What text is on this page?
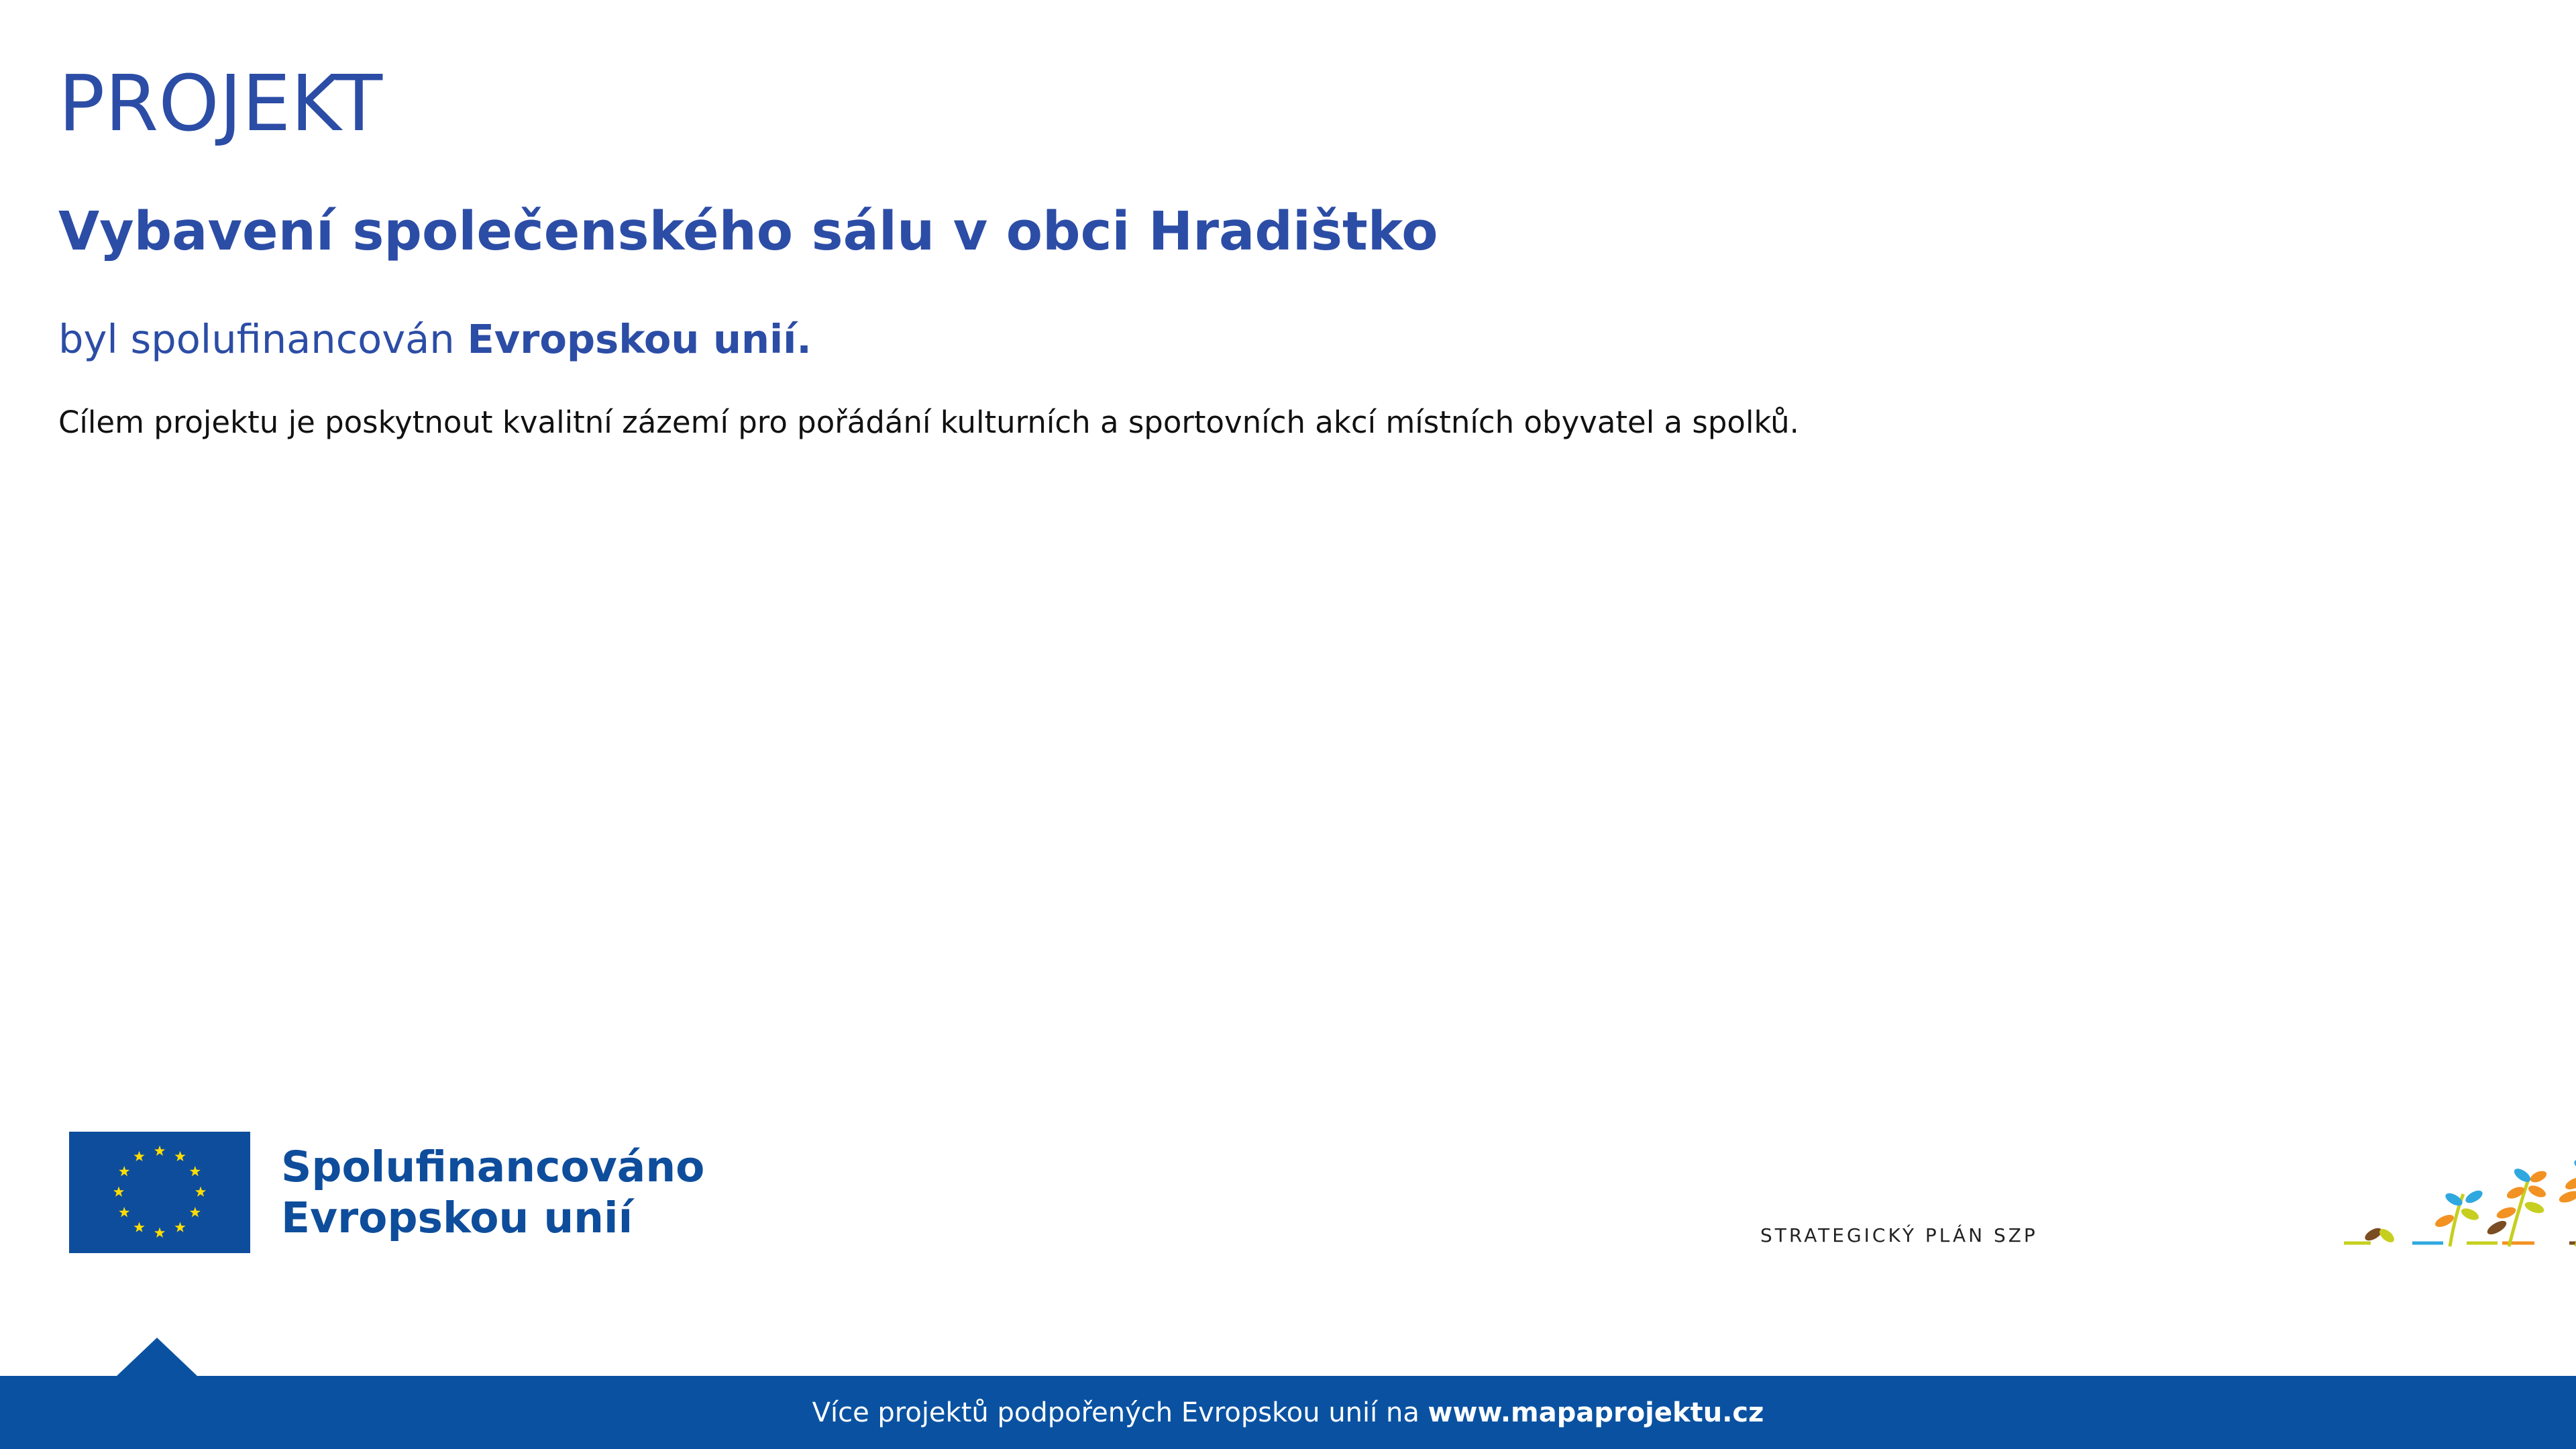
PROJEKT
Vybavení společenského sálu v obci Hradištko

byl spolufinancován Evropskou unií.

Cílem projektu je poskytnout kvalitní zázemí pro pořádání kulturních a sportovních akcí místních obyvatel a spolků.

Spolufinancováno
Evropskou unií	STRATEGICKÝ PLÁN SZP
Více projektů podpořených Evropskou unií na www.mapaprojektu.cz
